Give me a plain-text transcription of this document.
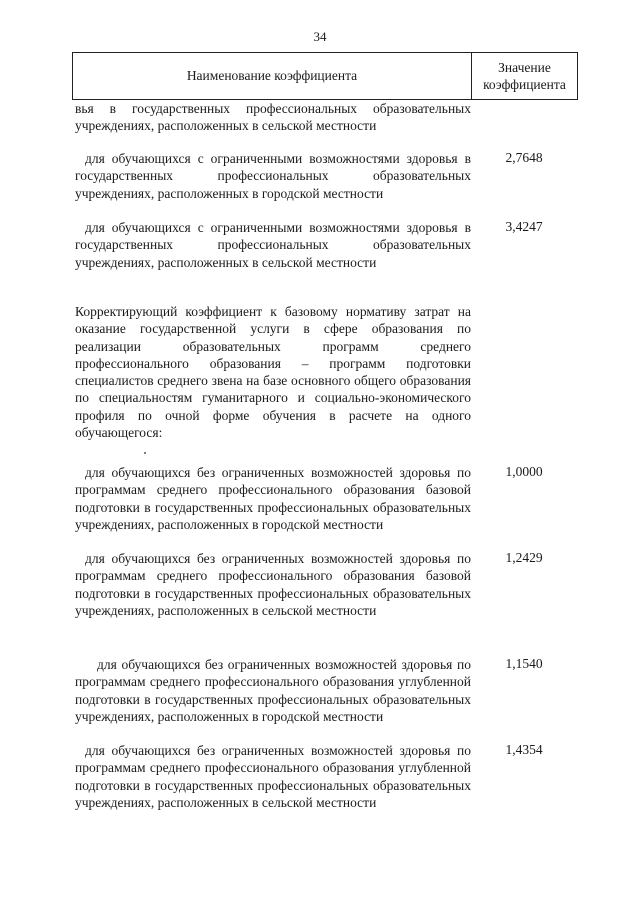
34
Наименование коэффициента
Значение коэффициента

вья в государственных профессиональных образовательных учреждениях, расположенных в сельской местности

для обучающихся с ограниченными возможностями здоровья в государственных профессиональных образовательных учреждениях, расположенных в городской местности

2,7648

для обучающихся с ограниченными возможностями здоровья в государственных профессиональных образовательных учреждениях, расположенных в сельской местности

3,4247

Корректирующий коэффициент к базовому нормативу затрат на оказание государственной услуги в сфере образования по реализации образовательных программ среднего профессионального образования – программ подготовки специалистов среднего звена на базе основного общего образования по специальностям гуманитарного и социально-экономического профиля по очной форме обучения в расчете на одного обучающегося:

для обучающихся без ограниченных возможностей здоровья по программам среднего профессионального образования базовой подготовки в государственных профессиональных образовательных учреждениях, расположенных в городской местности

1,0000

для обучающихся без ограниченных возможностей здоровья по программам среднего профессионального образования базовой подготовки в государственных профессиональных образовательных учреждениях, расположенных в сельской местности

1,2429

для обучающихся без ограниченных возможностей здоровья по программам среднего профессионального образования углубленной подготовки в государственных профессиональных образовательных учреждениях, расположенных в городской местности

1,1540

для обучающихся без ограниченных возможностей здоровья по программам среднего профессионального образования углубленной подготовки в государственных профессиональных образовательных учреждениях, расположенных в сельской местности

1,4354
